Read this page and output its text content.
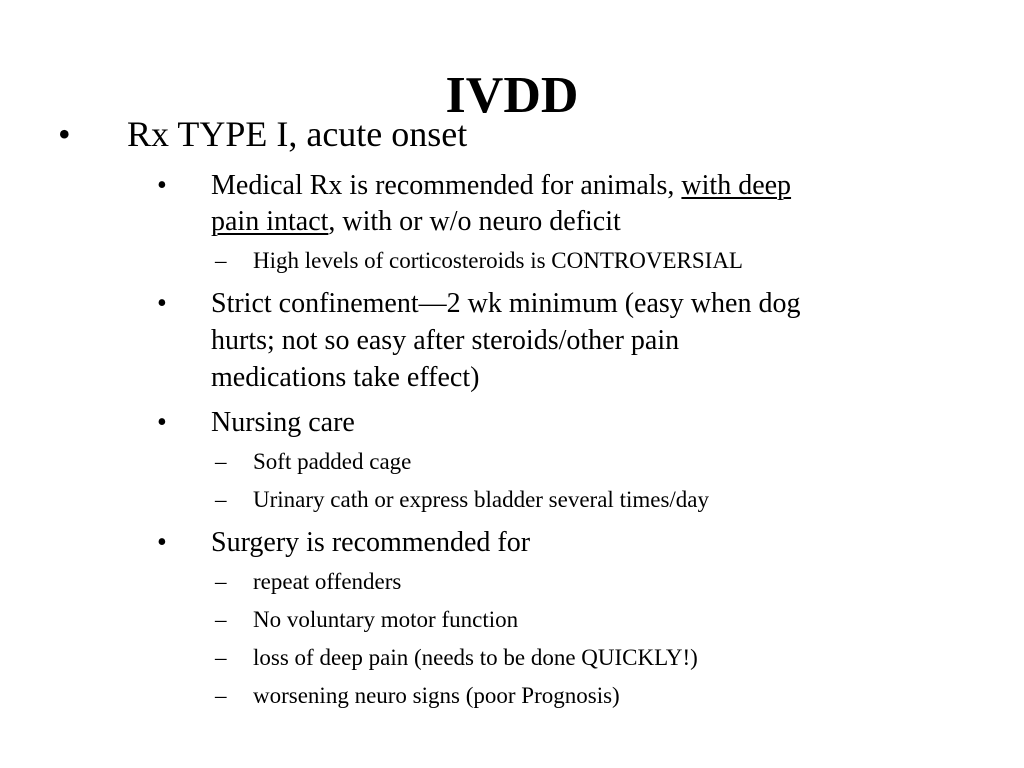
IVDD
• Rx TYPE I, acute onset
• Medical Rx is recommended for animals, with deep
pain intact, with or w/o neuro deficit
– High levels of corticosteroids is CONTROVERSIAL
• Strict confinement—2 wk minimum (easy when dog
hurts; not so easy after steroids/other pain
medications take effect)
• Nursing care
– Soft padded cage
– Urinary cath or express bladder several times/day
• Surgery is recommended for
– repeat offenders
– No voluntary motor function
– loss of deep pain (needs to be done QUICKLY!)
– worsening neuro signs (poor Prognosis)
